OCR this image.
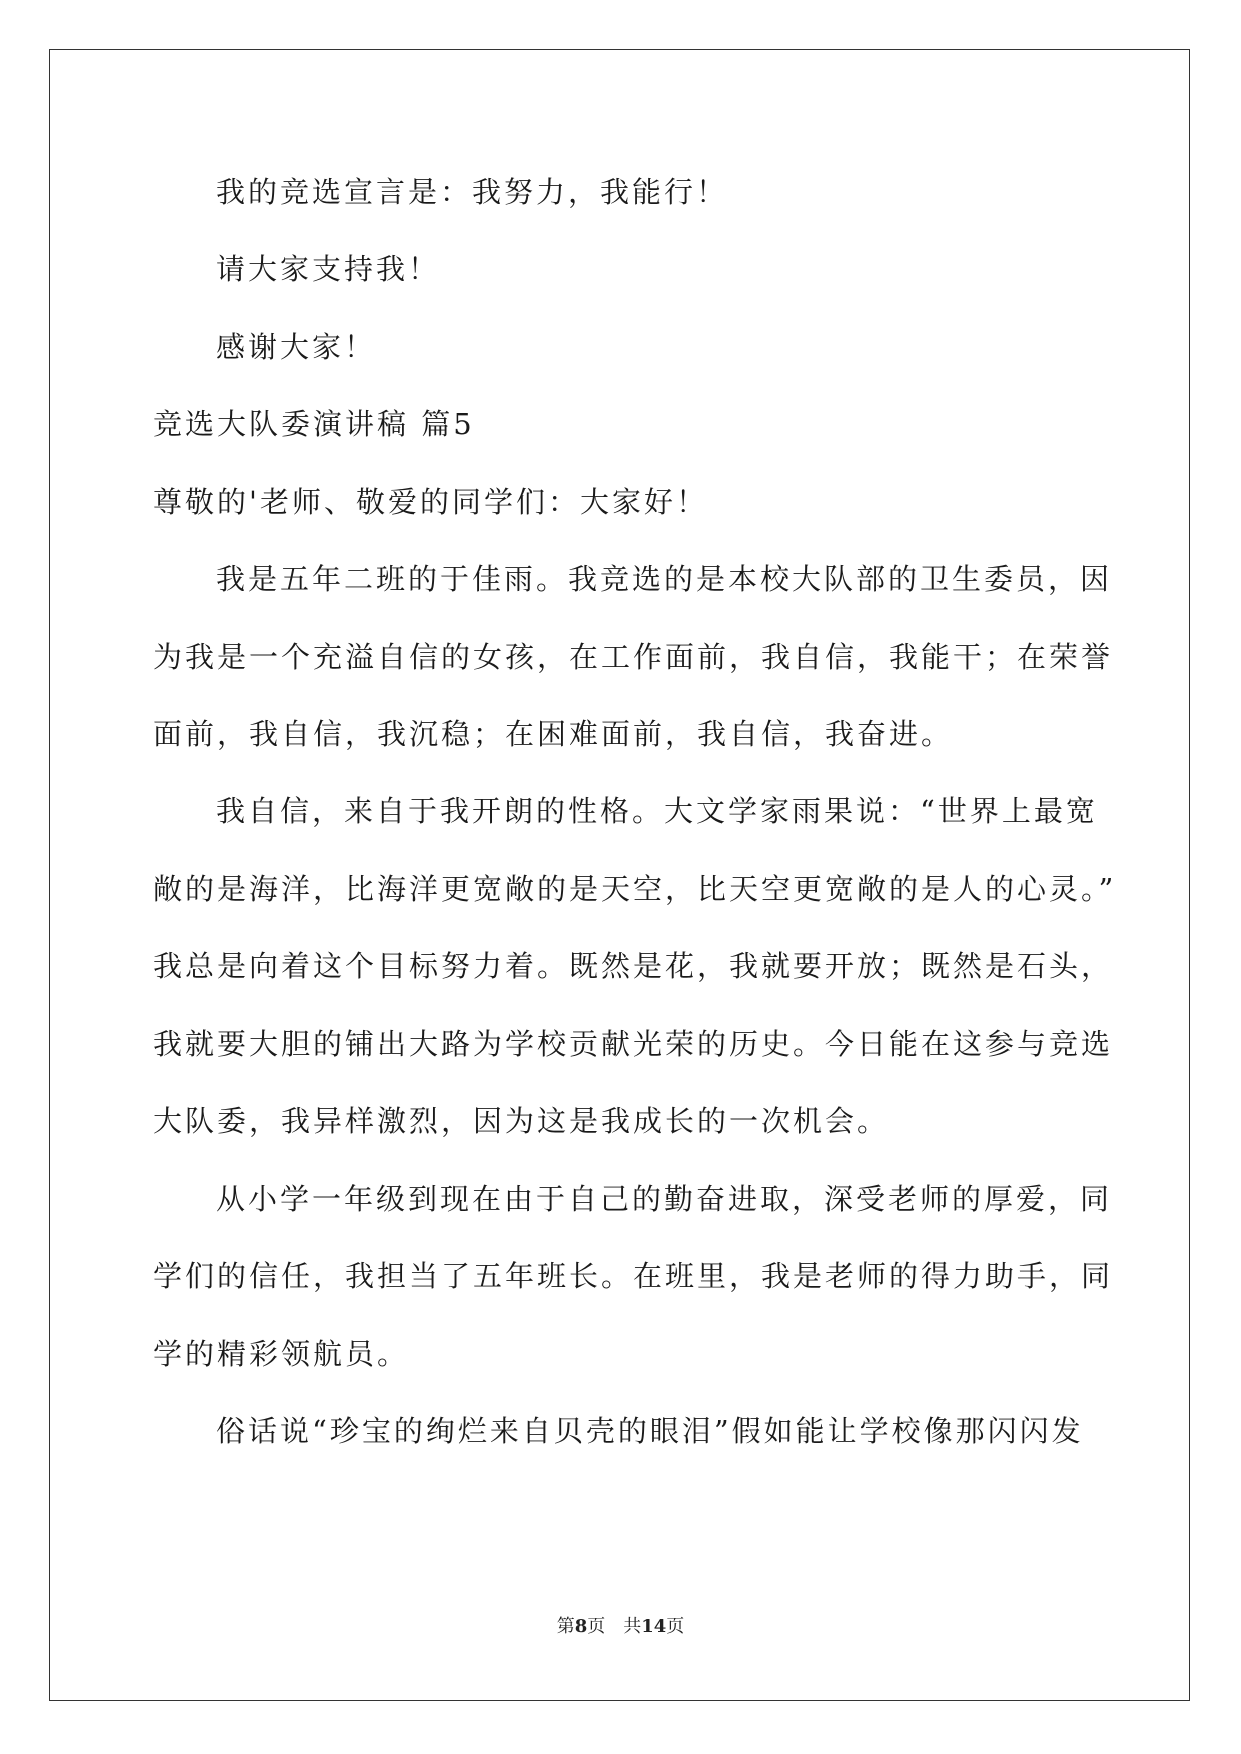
我的竞选宣言是：我努力，我能行！
请大家支持我！
感谢大家！
竞选大队委演讲稿 篇5
尊敬的'老师、敬爱的同学们：大家好！
我是五年二班的于佳雨。我竞选的是本校大队部的卫生委员，因
为我是一个充溢自信的女孩，在工作面前，我自信，我能干；在荣誉
面前，我自信，我沉稳；在困难面前，我自信，我奋进。
我自信，来自于我开朗的性格。大文学家雨果说：“世界上最宽
敞的是海洋，比海洋更宽敞的是天空，比天空更宽敞的是人的心灵。”
我总是向着这个目标努力着。既然是花，我就要开放；既然是石头，
我就要大胆的铺出大路为学校贡献光荣的历史。今日能在这参与竞选
大队委，我异样激烈，因为这是我成长的一次机会。
从小学一年级到现在由于自己的勤奋进取，深受老师的厚爱，同
学们的信任，我担当了五年班长。在班里，我是老师的得力助手，同
学的精彩领航员。
俗话说“珍宝的绚烂来自贝壳的眼泪”假如能让学校像那闪闪发
第8页　共14页
